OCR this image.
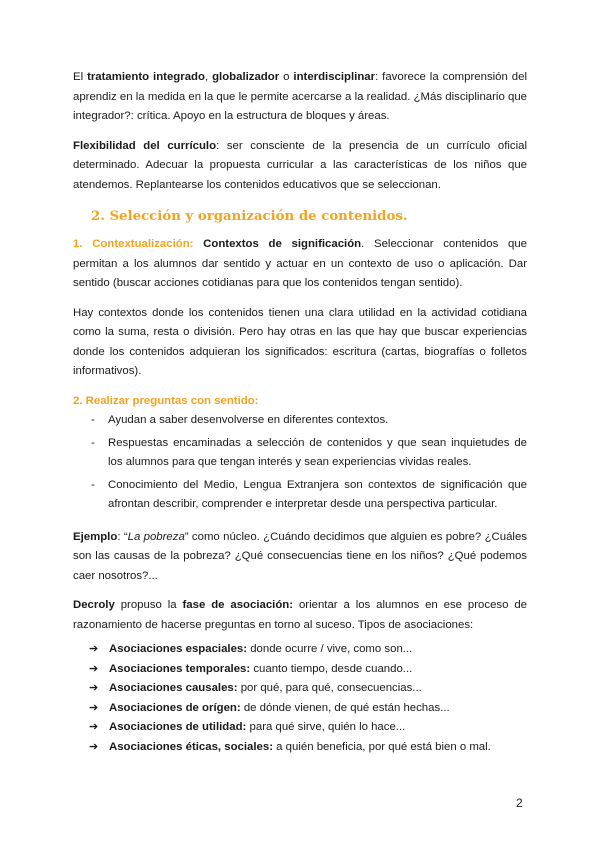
El tratamiento integrado, globalizador o interdisciplinar: favorece la comprensión del aprendiz en la medida en la que le permite acercarse a la realidad. ¿Más disciplinario que integrador?: crítica. Apoyo en la estructura de bloques y áreas.

Flexibilidad del currículo: ser consciente de la presencia de un currículo oficial determinado. Adecuar la propuesta curricular a las características de los niños que atendemos. Replantearse los contenidos educativos que se seleccionan.

2. Selección y organización de contenidos.

1. Contextualización: Contextos de significación. Seleccionar contenidos que permitan a los alumnos dar sentido y actuar en un contexto de uso o aplicación. Dar sentido (buscar acciones cotidianas para que los contenidos tengan sentido).

Hay contextos donde los contenidos tienen una clara utilidad en la actividad cotidiana como la suma, resta o división. Pero hay otras en las que hay que buscar experiencias donde los contenidos adquieran los significados: escritura (cartas, biografías o folletos informativos).

2. Realizar preguntas con sentido:

- Ayudan a saber desenvolverse en diferentes contextos.
- Respuestas encaminadas a selección de contenidos y que sean inquietudes de los alumnos para que tengan interés y sean experiencias vividas reales.
- Conocimiento del Medio, Lengua Extranjera son contextos de significación que afrontan describir, comprender e interpretar desde una perspectiva particular.

Ejemplo: “La pobreza” como núcleo. ¿Cuándo decidimos que alguien es pobre? ¿Cuáles son las causas de la pobreza? ¿Qué consecuencias tiene en los niños? ¿Qué podemos caer nosotros?...

Decroly propuso la fase de asociación: orientar a los alumnos en ese proceso de razonamiento de hacerse preguntas en torno al suceso. Tipos de asociaciones:

➔ Asociaciones espaciales: donde ocurre / vive, como son...
➔ Asociaciones temporales: cuanto tiempo, desde cuando...
➔ Asociaciones causales: por qué, para qué, consecuencias...
➔ Asociaciones de orígen: de dónde vienen, de qué están hechas...
➔ Asociaciones de utilidad: para qué sirve, quién lo hace...
➔ Asociaciones éticas, sociales: a quién beneficia, por qué está bien o mal.
2
